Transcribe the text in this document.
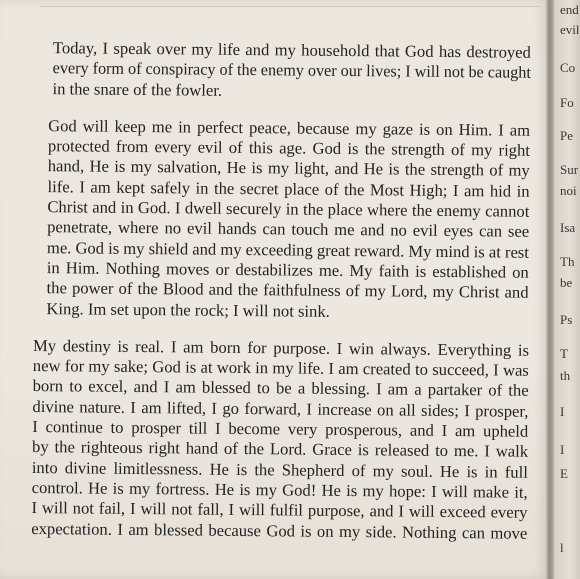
Today, I speak over my life and my household that God has destroyed
every form of conspiracy of the enemy over our lives; I will not be caught
in the snare of the fowler.

God will keep me in perfect peace, because my gaze is on Him. I am
protected from every evil of this age. God is the strength of my right
hand, He is my salvation, He is my light, and He is the strength of my
life. I am kept safely in the secret place of the Most High; I am hid in
Christ and in God. I dwell securely in the place where the enemy cannot
penetrate, where no evil hands can touch me and no evil eyes can see
me. God is my shield and my exceeding great reward. My mind is at rest
in Him. Nothing moves or destabilizes me. My faith is established on
the power of the Blood and the faithfulness of my Lord, my Christ and
King. Im set upon the rock; I will not sink.

My destiny is real. I am born for purpose. I win always. Everything is
new for my sake; God is at work in my life. I am created to succeed, I was
born to excel, and I am blessed to be a blessing. I am a partaker of the
divine nature. I am lifted, I go forward, I increase on all sides; I prosper,
I continue to prosper till I become very prosperous, and I am upheld
by the righteous right hand of the Lord. Grace is released to me. I walk
into divine limitlessness. He is the Shepherd of my soul. He is in full
control. He is my fortress. He is my God! He is my hope: I will make it,
I will not fail, I will not fall, I will fulfil purpose, and I will exceed every
expectation. I am blessed because God is on my side. Nothing can move

end
evil
Co
Fo
Pe
Sur
noi
Isa
Th
be
Ps
T
th
I
I
E
l
